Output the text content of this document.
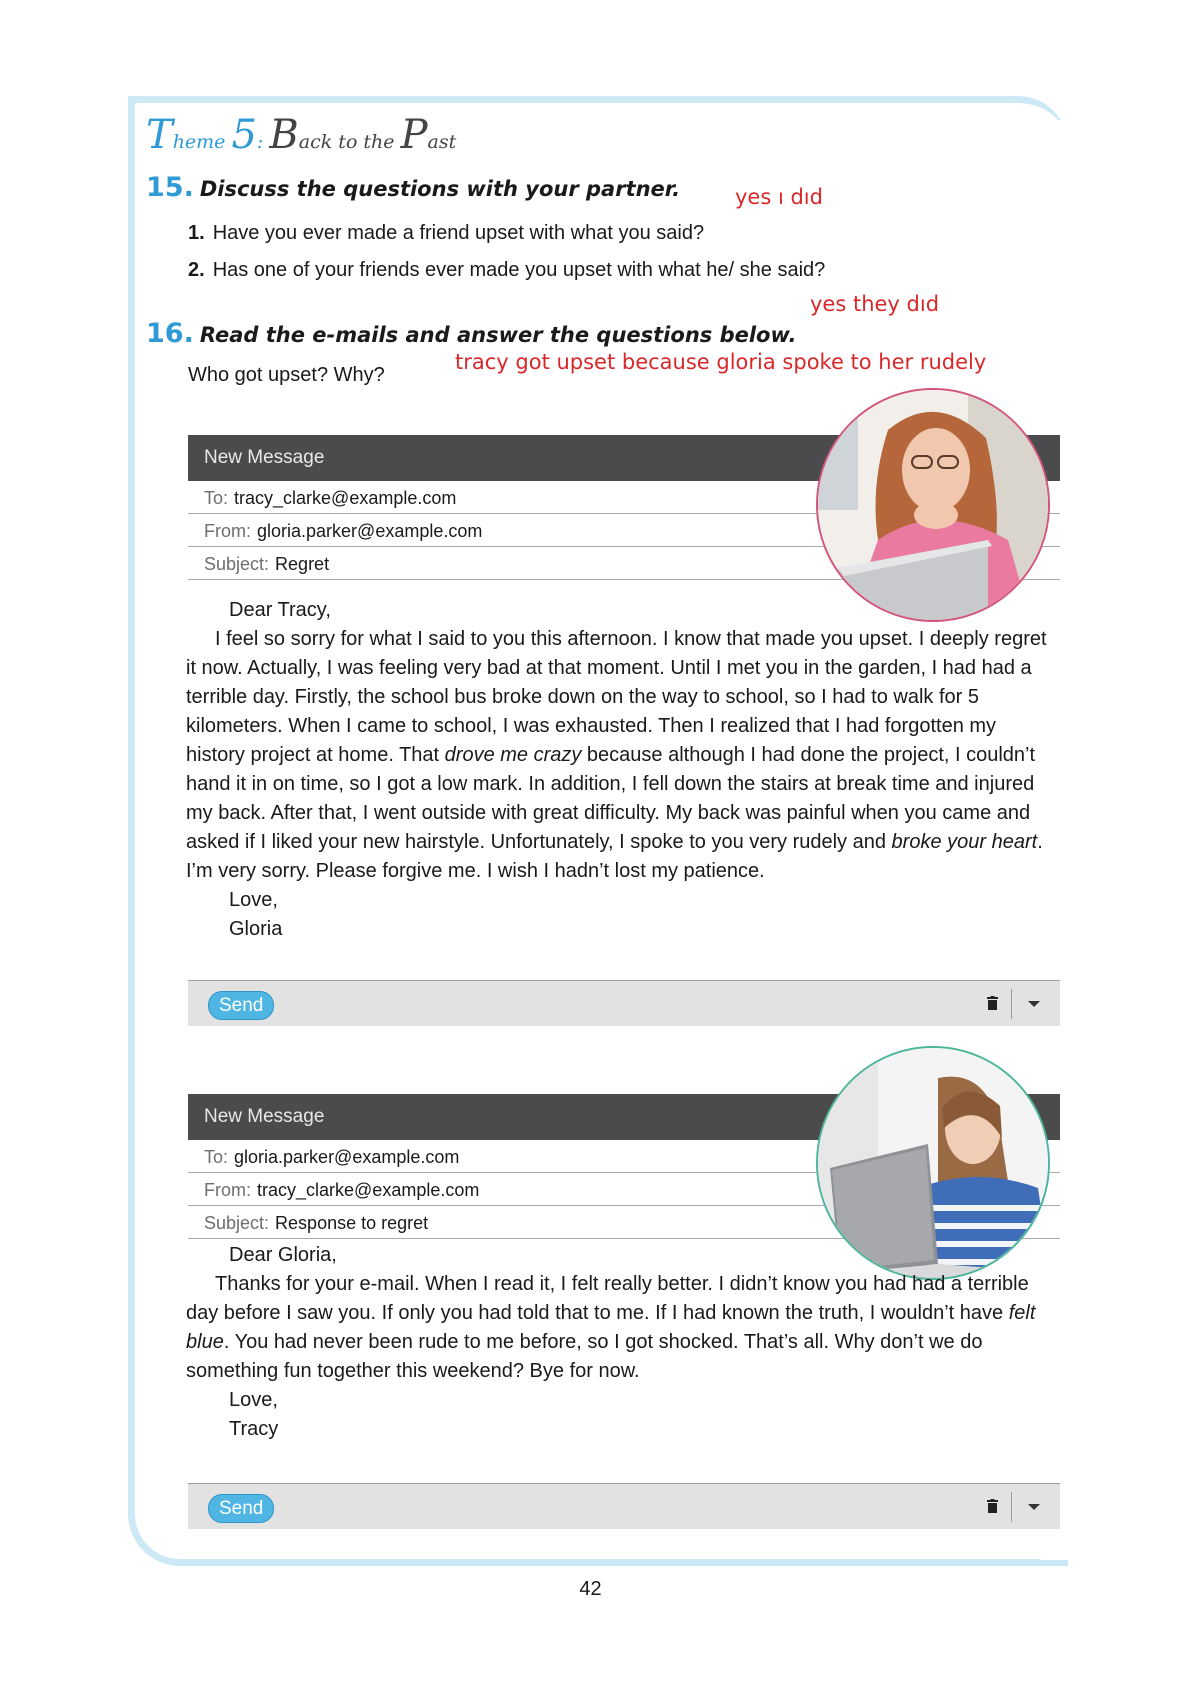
Theme 5: Back to the Past
15. Discuss the questions with your partner.	yes ı dıd
1. Have you ever made a friend upset with what you said?
2. Has one of your friends ever made you upset with what he/ she said?
yes they dıd
16. Read the e-mails and answer the questions below.
tracy got upset because gloria spoke to her rudely
Who got upset? Why?
New Message
To: tracy_clarke@example.com
From: gloria.parker@example.com
Subject: Regret

Dear Tracy,

I feel so sorry for what I said to you this afternoon. I know that made you upset. I deeply regret it now. Actually, I was feeling very bad at that moment. Until I met you in the garden, I had had a terrible day. Firstly, the school bus broke down on the way to school, so I had to walk for 5 kilometers. When I came to school, I was exhausted. Then I realized that I had forgotten my history project at home. That drove me crazy because although I had done the project, I couldn’t hand it in on time, so I got a low mark. In addition, I fell down the stairs at break time and injured my back. After that, I went outside with great difficulty. My back was painful when you came and asked if I liked your new hairstyle. Unfortunately, I spoke to you very rudely and broke your heart. I’m very sorry. Please forgive me. I wish I hadn’t lost my patience.

Love,

Gloria

Send
New Message
To: gloria.parker@example.com
From: tracy_clarke@example.com
Subject: Response to regret

Dear Gloria,

Thanks for your e-mail. When I read it, I felt really better. I didn’t know you had had a terrible day before I saw you. If only you had told that to me. If I had known the truth, I wouldn’t have felt blue. You had never been rude to me before, so I got shocked. That’s all. Why don’t we do something fun together this weekend? Bye for now.

Love,

Tracy

Send
42
